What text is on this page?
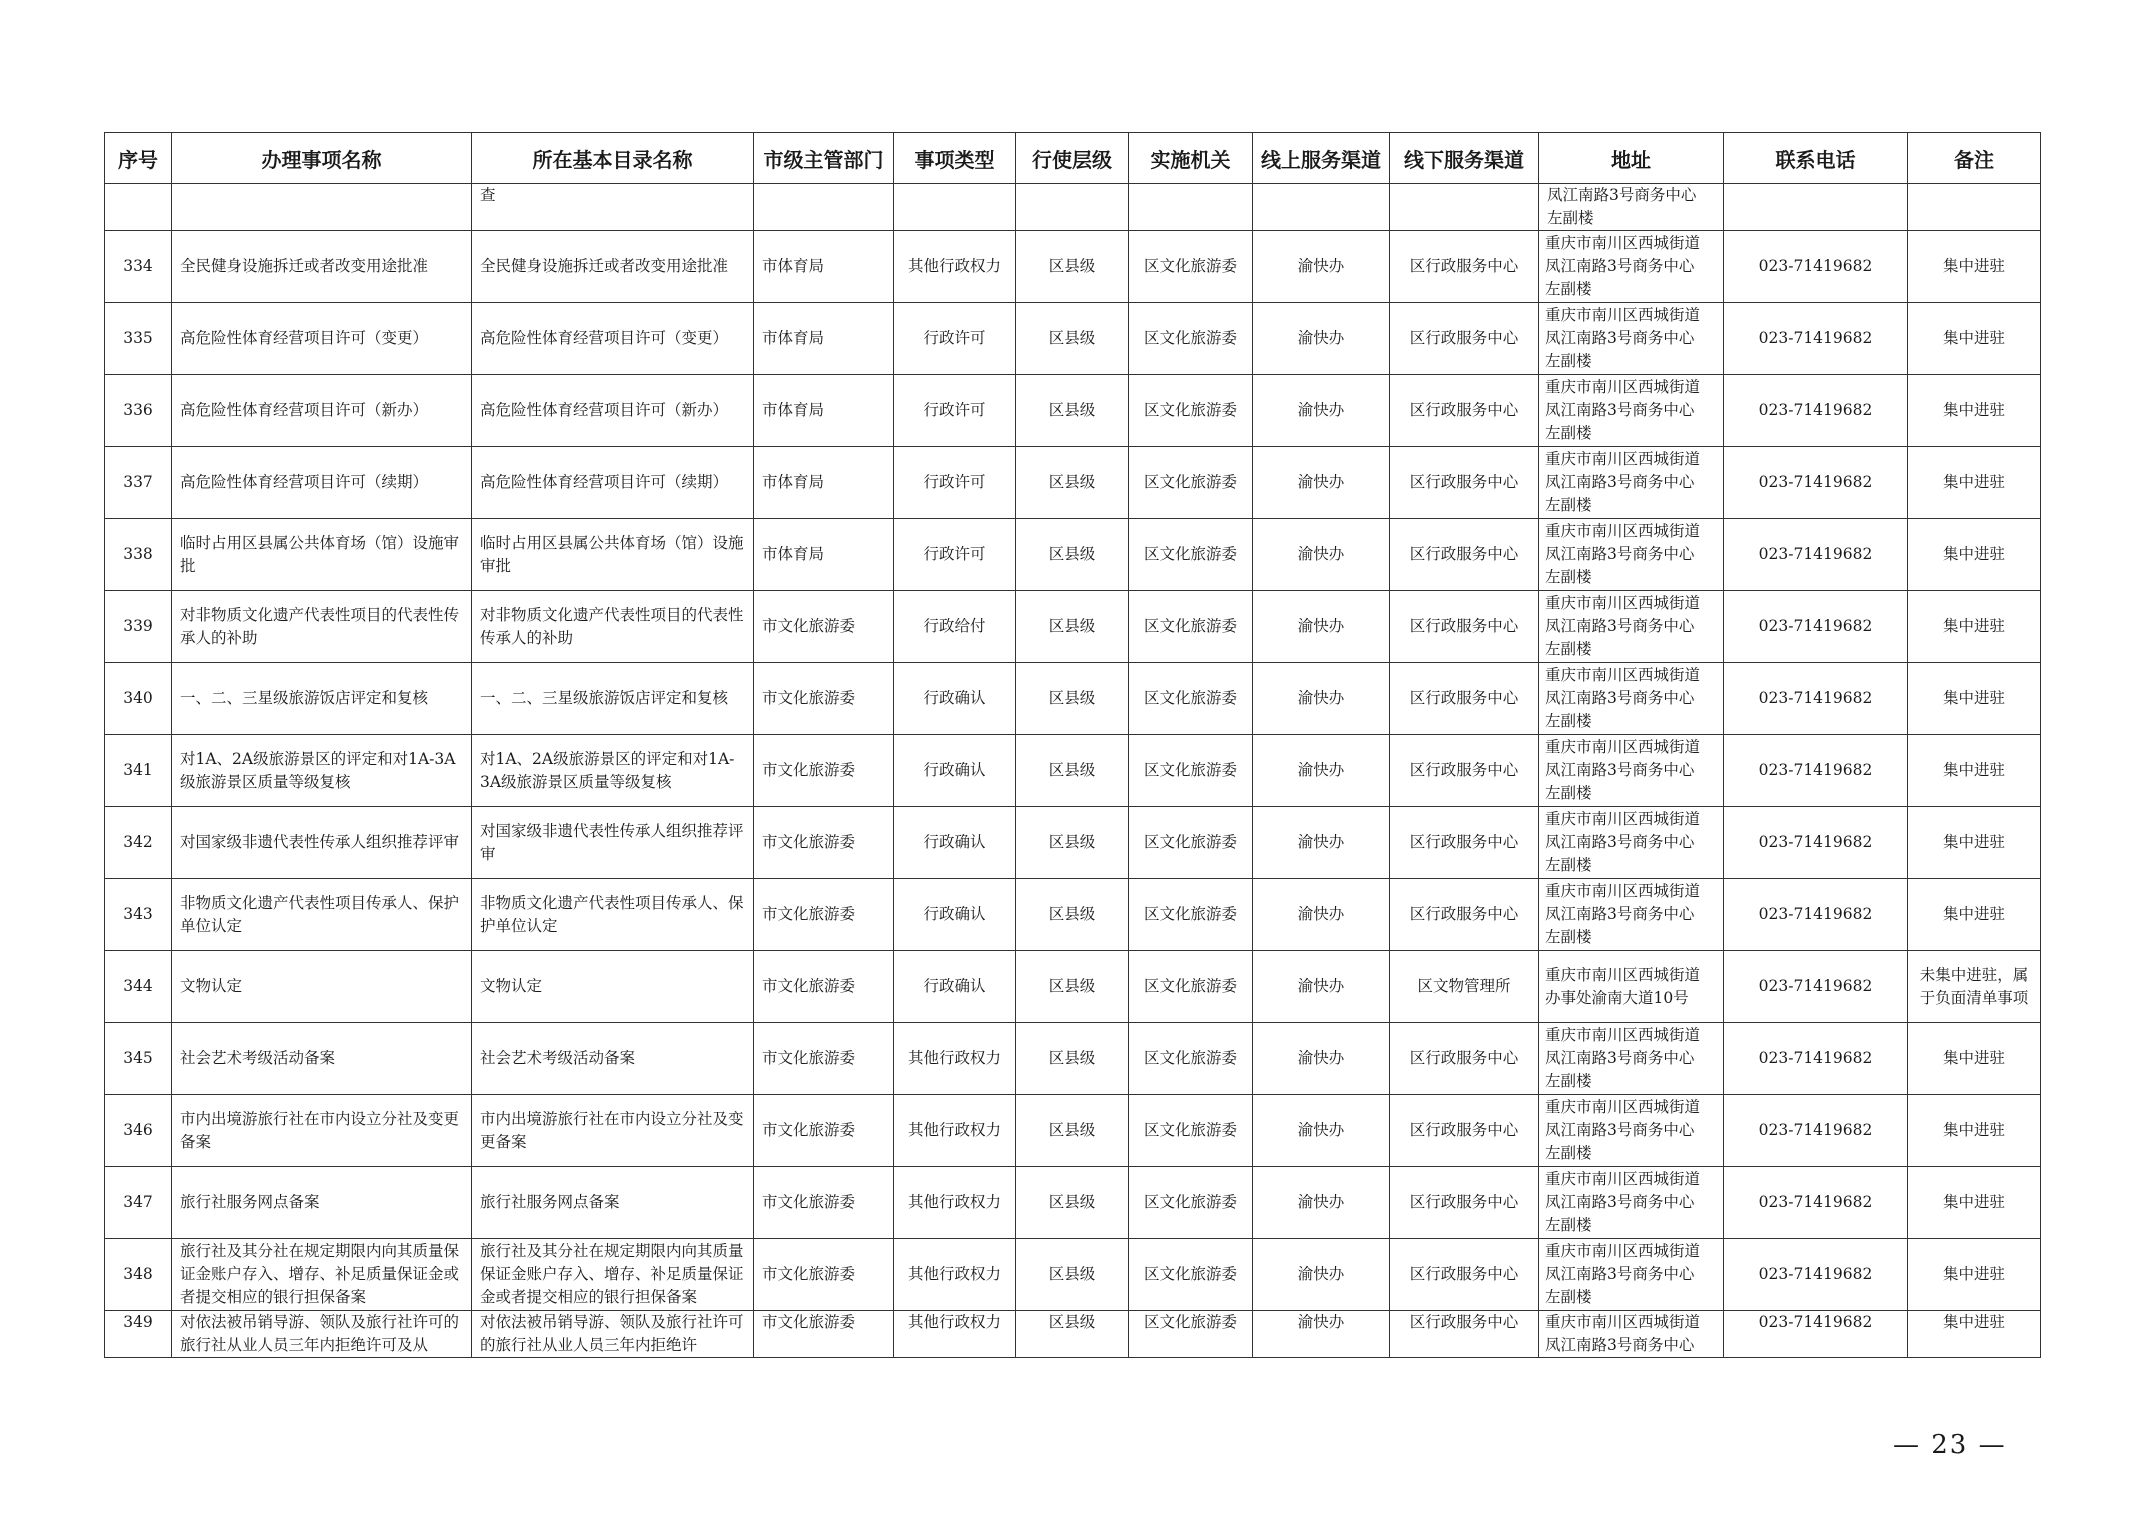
序号	办理事项名称	所在基本目录名称	市级主管部门	事项类型	行使层级	实施机关	线上服务渠道	线下服务渠道	地址	联系电话	备注
		查							凤江南路3号商务中心
左副楼		
334	全民健身设施拆迁或者改变用途批准	全民健身设施拆迁或者改变用途批准	市体育局	其他行政权力	区县级	区文化旅游委	渝快办	区行政服务中心	重庆市南川区西城街道
凤江南路3号商务中心
左副楼	023-71419682	集中进驻
335	高危险性体育经营项目许可（变更）	高危险性体育经营项目许可（变更）	市体育局	行政许可	区县级	区文化旅游委	渝快办	区行政服务中心	重庆市南川区西城街道
凤江南路3号商务中心
左副楼	023-71419682	集中进驻
336	高危险性体育经营项目许可（新办）	高危险性体育经营项目许可（新办）	市体育局	行政许可	区县级	区文化旅游委	渝快办	区行政服务中心	重庆市南川区西城街道
凤江南路3号商务中心
左副楼	023-71419682	集中进驻
337	高危险性体育经营项目许可（续期）	高危险性体育经营项目许可（续期）	市体育局	行政许可	区县级	区文化旅游委	渝快办	区行政服务中心	重庆市南川区西城街道
凤江南路3号商务中心
左副楼	023-71419682	集中进驻
338	临时占用区县属公共体育场（馆）设施审批	临时占用区县属公共体育场（馆）设施审批	市体育局	行政许可	区县级	区文化旅游委	渝快办	区行政服务中心	重庆市南川区西城街道
凤江南路3号商务中心
左副楼	023-71419682	集中进驻
339	对非物质文化遗产代表性项目的代表性传承人的补助	对非物质文化遗产代表性项目的代表性传承人的补助	市文化旅游委	行政给付	区县级	区文化旅游委	渝快办	区行政服务中心	重庆市南川区西城街道
凤江南路3号商务中心
左副楼	023-71419682	集中进驻
340	一、二、三星级旅游饭店评定和复核	一、二、三星级旅游饭店评定和复核	市文化旅游委	行政确认	区县级	区文化旅游委	渝快办	区行政服务中心	重庆市南川区西城街道
凤江南路3号商务中心
左副楼	023-71419682	集中进驻
341	对1A、2A级旅游景区的评定和对1A-3A级旅游景区质量等级复核	对1A、2A级旅游景区的评定和对1A-3A级旅游景区质量等级复核	市文化旅游委	行政确认	区县级	区文化旅游委	渝快办	区行政服务中心	重庆市南川区西城街道
凤江南路3号商务中心
左副楼	023-71419682	集中进驻
342	对国家级非遗代表性传承人组织推荐评审	对国家级非遗代表性传承人组织推荐评审	市文化旅游委	行政确认	区县级	区文化旅游委	渝快办	区行政服务中心	重庆市南川区西城街道
凤江南路3号商务中心
左副楼	023-71419682	集中进驻
343	非物质文化遗产代表性项目传承人、保护单位认定	非物质文化遗产代表性项目传承人、保护单位认定	市文化旅游委	行政确认	区县级	区文化旅游委	渝快办	区行政服务中心	重庆市南川区西城街道
凤江南路3号商务中心
左副楼	023-71419682	集中进驻
344	文物认定	文物认定	市文化旅游委	行政确认	区县级	区文化旅游委	渝快办	区文物管理所	重庆市南川区西城街道
办事处渝南大道10号	023-71419682	未集中进驻，属于负面清单事项
345	社会艺术考级活动备案	社会艺术考级活动备案	市文化旅游委	其他行政权力	区县级	区文化旅游委	渝快办	区行政服务中心	重庆市南川区西城街道
凤江南路3号商务中心
左副楼	023-71419682	集中进驻
346	市内出境游旅行社在市内设立分社及变更备案	市内出境游旅行社在市内设立分社及变更备案	市文化旅游委	其他行政权力	区县级	区文化旅游委	渝快办	区行政服务中心	重庆市南川区西城街道
凤江南路3号商务中心
左副楼	023-71419682	集中进驻
347	旅行社服务网点备案	旅行社服务网点备案	市文化旅游委	其他行政权力	区县级	区文化旅游委	渝快办	区行政服务中心	重庆市南川区西城街道
凤江南路3号商务中心
左副楼	023-71419682	集中进驻
348	旅行社及其分社在规定期限内向其质量保证金账户存入、增存、补足质量保证金或者提交相应的银行担保备案	旅行社及其分社在规定期限内向其质量保证金账户存入、增存、补足质量保证金或者提交相应的银行担保备案	市文化旅游委	其他行政权力	区县级	区文化旅游委	渝快办	区行政服务中心	重庆市南川区西城街道
凤江南路3号商务中心
左副楼	023-71419682	集中进驻
349	对依法被吊销导游、领队及旅行社许可的旅行社从业人员三年内拒绝许可及从	对依法被吊销导游、领队及旅行社许可的旅行社从业人员三年内拒绝许	市文化旅游委	其他行政权力	区县级	区文化旅游委	渝快办	区行政服务中心	重庆市南川区西城街道
凤江南路3号商务中心	023-71419682	集中进驻
— 23 —
